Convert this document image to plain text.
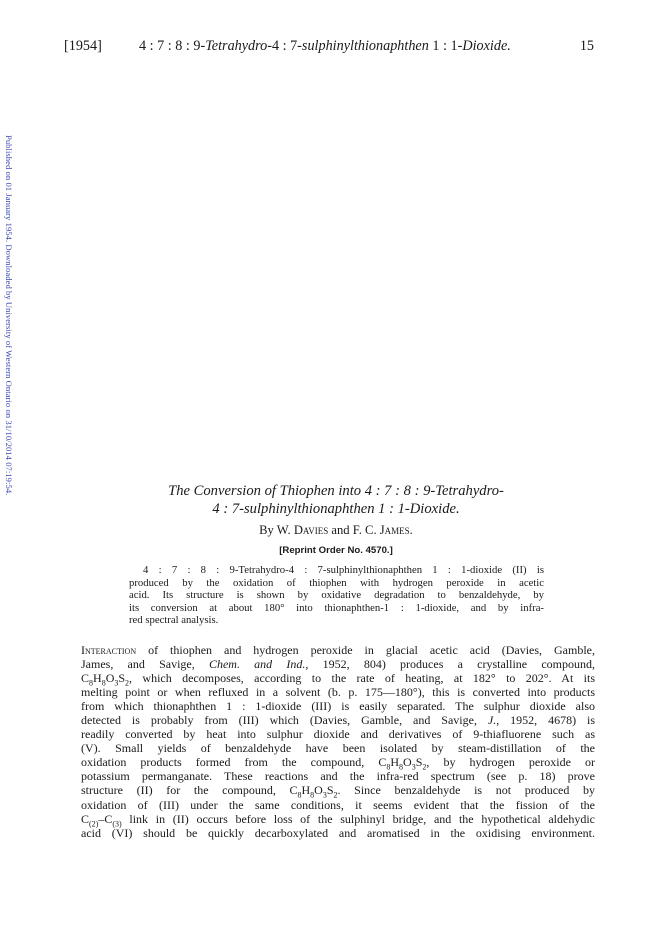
Published on 01 January 1954. Downloaded by University of Western Ontario on 31/10/2014 07:19:54.
[1954]	4 : 7 : 8 : 9-Tetrahydro-4 : 7-sulphinylthionaphthen 1 : 1-Dioxide.	15
The Conversion of Thiophen into 4 : 7 : 8 : 9-Tetrahydro-
4 : 7-sulphinylthionaphthen 1 : 1-Dioxide.
By W. Davies and F. C. James.
[Reprint Order No. 4570.]
4 : 7 : 8 : 9-Tetrahydro-4 : 7-sulphinylthionaphthen 1 : 1-dioxide (II) is
produced by the oxidation of thiophen with hydrogen peroxide in acetic
acid. Its structure is shown by oxidative degradation to benzaldehyde, by
its conversion at about 180° into thionaphthen-1 : 1-dioxide, and by infra-
red spectral analysis.
Interaction of thiophen and hydrogen peroxide in glacial acetic acid (Davies, Gamble,
James, and Savige, Chem. and Ind., 1952, 804) produces a crystalline compound,
$C_8H_8O_3S_2$, which decomposes, according to the rate of heating, at 182° to 202°. At its
melting point or when refluxed in a solvent (b. p. 175—180°), this is converted into products
from which thionaphthen 1 : 1-dioxide (III) is easily separated. The sulphur dioxide also
detected is probably from (III) which (Davies, Gamble, and Savige, J., 1952, 4678) is
readily converted by heat into sulphur dioxide and derivatives of 9-thiafluorene such as
(V). Small yields of benzaldehyde have been isolated by steam-distillation of the
oxidation products formed from the compound, $C_8H_8O_3S_2$, by hydrogen peroxide or
potassium permanganate. These reactions and the infra-red spectrum (see p. 18) prove
structure (II) for the compound, $C_8H_8O_3S_2$. Since benzaldehyde is not produced by
oxidation of (III) under the same conditions, it seems evident that the fission of the
$C_{(2)}-C_{(3)}$ link in (II) occurs before loss of the sulphinyl bridge, and the hypothetical aldehydic
acid (VI) should be quickly decarboxylated and aromatised in the oxidising environment.
